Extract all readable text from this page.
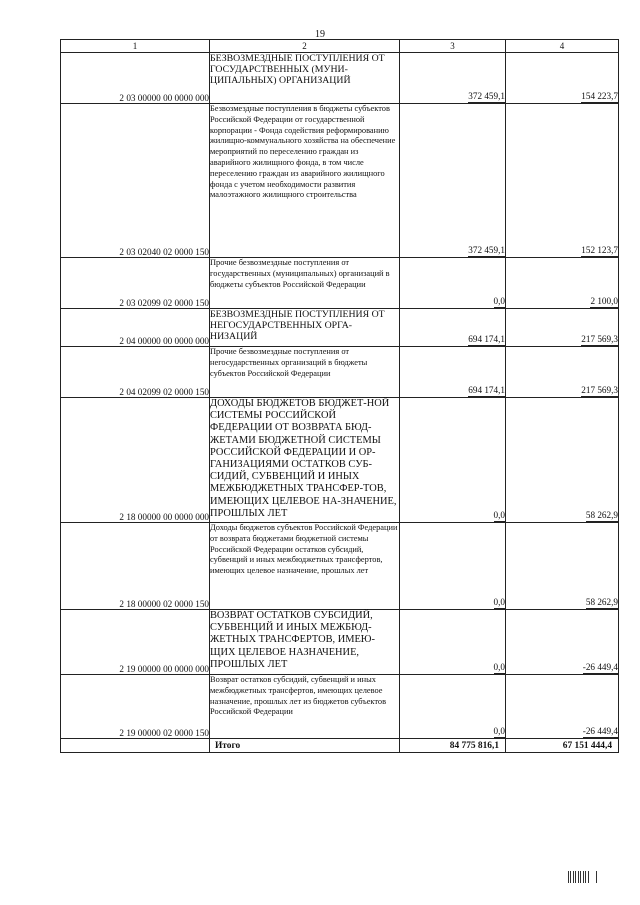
19
1	2	3	4
2 03 00000 00 0000 000	БЕЗВОЗМЕЗДНЫЕ ПОСТУПЛЕНИЯ ОТ ГОСУДАРСТВЕННЫХ (МУНИ-ЦИПАЛЬНЫХ) ОРГАНИЗАЦИЙ	372 459,1	154 223,7
2 03 02040 02 0000 150	Безвозмездные поступления в бюджеты субъектов Российской Федерации от государственной корпорации - Фонда содействия реформированию жилищно-коммунального хозяйства на обеспечение мероприятий по переселению граждан из аварийного жилищного фонда, в том числе переселению граждан из аварийного жилищного фонда с учетом необходимости развития малоэтажного жилищного строительства	372 459,1	152 123,7
2 03 02099 02 0000 150	Прочие безвозмездные поступления от государственных (муниципальных) организаций в бюджеты субъектов Российской Федерации	0,0	2 100,0
2 04 00000 00 0000 000	БЕЗВОЗМЕЗДНЫЕ ПОСТУПЛЕНИЯ ОТ НЕГОСУДАРСТВЕННЫХ ОРГА-НИЗАЦИЙ	694 174,1	217 569,3
2 04 02099 02 0000 150	Прочие безвозмездные поступления от негосударственных организаций в бюджеты субъектов Российской Федерации	694 174,1	217 569,3
2 18 00000 00 0000 000	ДОХОДЫ БЮДЖЕТОВ БЮДЖЕТ-НОЙ СИСТЕМЫ РОССИЙСКОЙ ФЕДЕРАЦИИ ОТ ВОЗВРАТА БЮД-ЖЕТАМИ БЮДЖЕТНОЙ СИСТЕМЫ РОССИЙСКОЙ ФЕДЕРАЦИИ И ОР-ГАНИЗАЦИЯМИ ОСТАТКОВ СУБ-СИДИЙ, СУБВЕНЦИЙ И ИНЫХ МЕЖБЮДЖЕТНЫХ ТРАНСФЕР-ТОВ, ИМЕЮЩИХ ЦЕЛЕВОЕ НА-ЗНАЧЕНИЕ, ПРОШЛЫХ ЛЕТ	0,0	58 262,9
2 18 00000 02 0000 150	Доходы бюджетов субъектов Российской Федерации от возврата бюджетами бюджетной системы Российской Федерации остатков субсидий, субвенций и иных межбюджетных трансфертов, имеющих целевое назначение, прошлых лет	0,0	58 262,9
2 19 00000 00 0000 000	ВОЗВРАТ ОСТАТКОВ СУБСИДИЙ, СУБВЕНЦИЙ И ИНЫХ МЕЖБЮД-ЖЕТНЫХ ТРАНСФЕРТОВ, ИМЕЮ-ЩИХ ЦЕЛЕВОЕ НАЗНАЧЕНИЕ, ПРОШЛЫХ ЛЕТ	0,0	-26 449,4
2 19 00000 02 0000 150	Возврат остатков субсидий, субвенций и иных межбюджетных трансфертов, имеющих целевое назначение, прошлых лет из бюджетов субъектов Российской Федерации	0,0	-26 449,4
	Итого	84 775 816,1	67 151 444,4
